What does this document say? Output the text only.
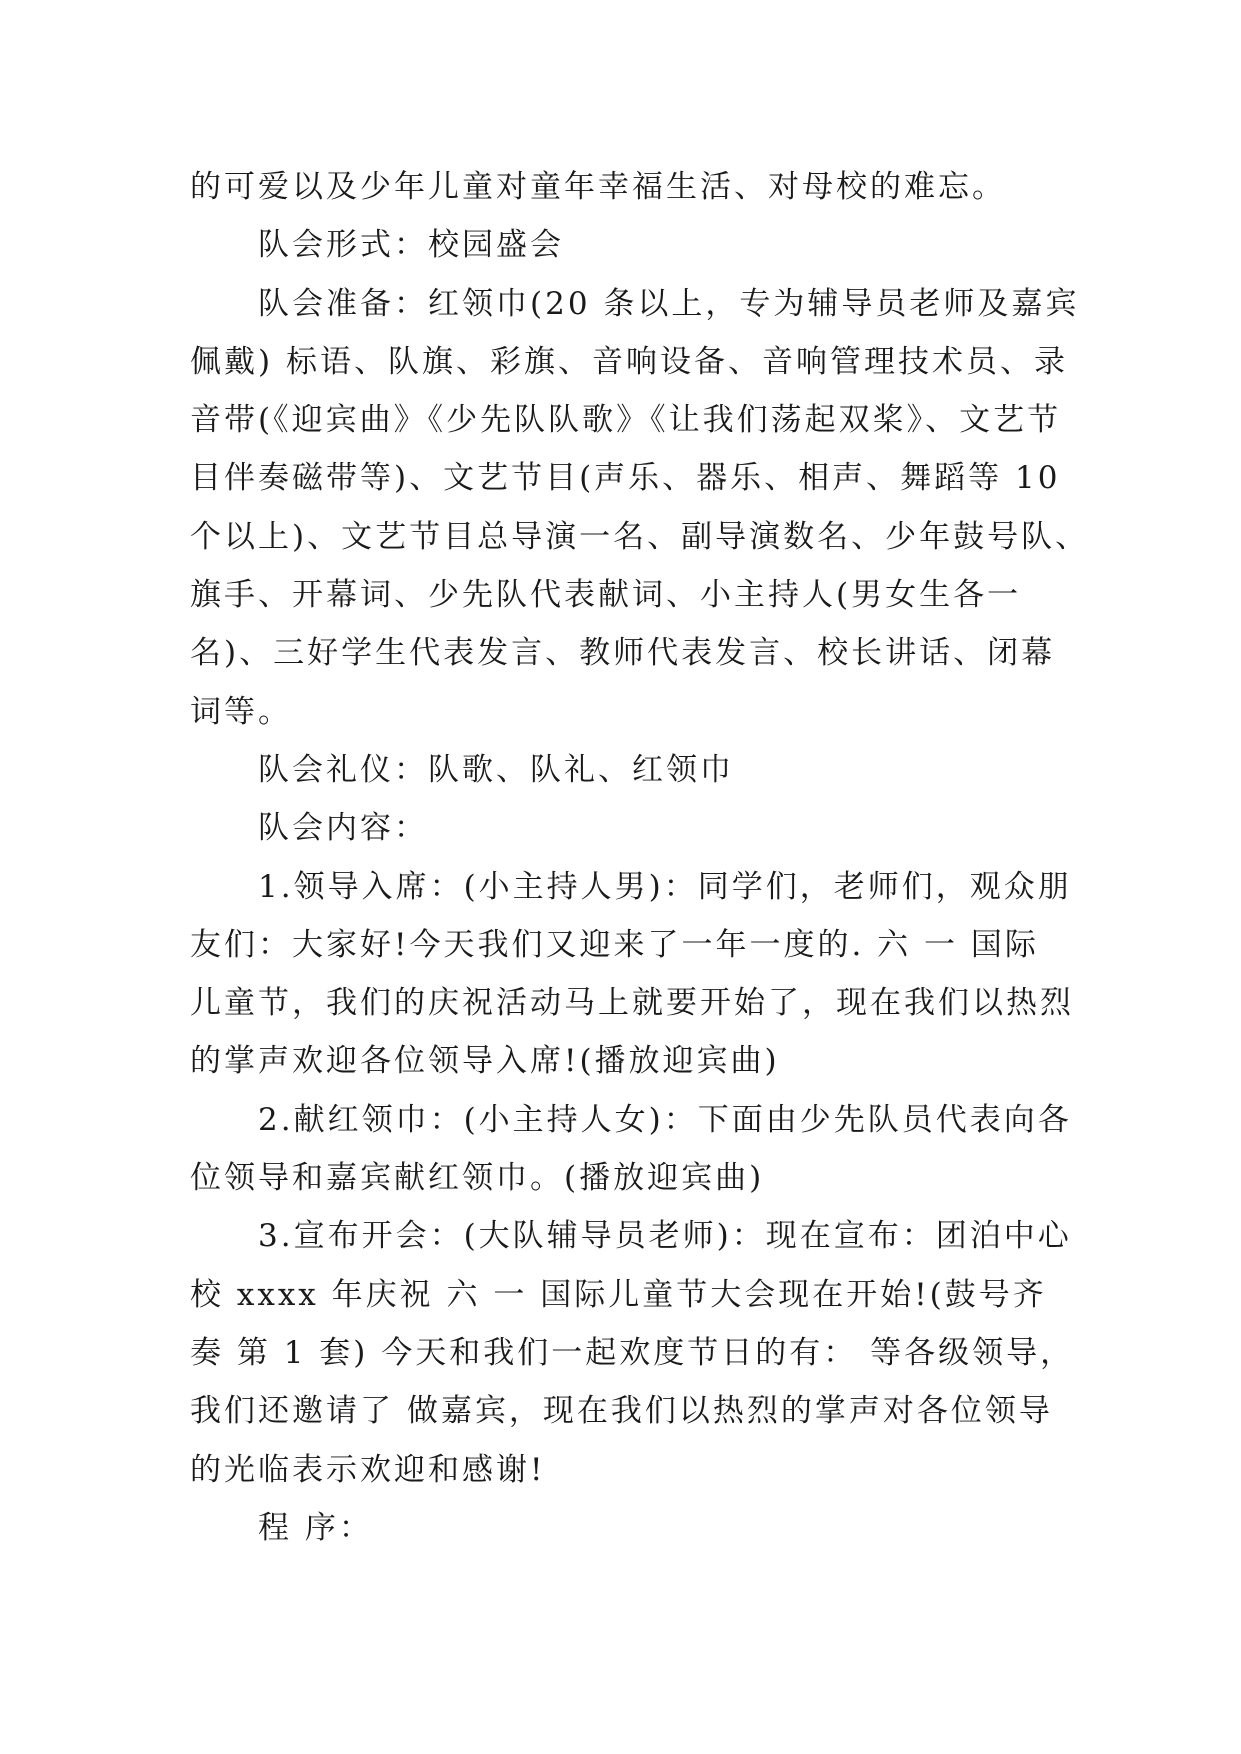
的可爱以及少年儿童对童年幸福生活、对母校的难忘。
队会形式：校园盛会
队会准备：红领巾(20 条以上，专为辅导员老师及嘉宾
佩戴) 标语、队旗、彩旗、音响设备、音响管理技术员、录
音带(《迎宾曲》《少先队队歌》《让我们荡起双桨》、文艺节
目伴奏磁带等)、文艺节目(声乐、器乐、相声、舞蹈等 10
个以上)、文艺节目总导演一名、副导演数名、少年鼓号队、
旗手、开幕词、少先队代表献词、小主持人(男女生各一
名)、三好学生代表发言、教师代表发言、校长讲话、闭幕
词等。
队会礼仪：队歌、队礼、红领巾
队会内容：
1.领导入席：(小主持人男)：同学们，老师们，观众朋
友们：大家好!今天我们又迎来了一年一度的. 六 一 国际
儿童节，我们的庆祝活动马上就要开始了，现在我们以热烈
的掌声欢迎各位领导入席!(播放迎宾曲)
2.献红领巾：(小主持人女)：下面由少先队员代表向各
位领导和嘉宾献红领巾。(播放迎宾曲)
3.宣布开会：(大队辅导员老师)：现在宣布：团泊中心
校 xxxx 年庆祝 六 一 国际儿童节大会现在开始!(鼓号齐
奏 第 1 套) 今天和我们一起欢度节日的有： 等各级领导，
我们还邀请了 做嘉宾，现在我们以热烈的掌声对各位领导
的光临表示欢迎和感谢!
程 序：
